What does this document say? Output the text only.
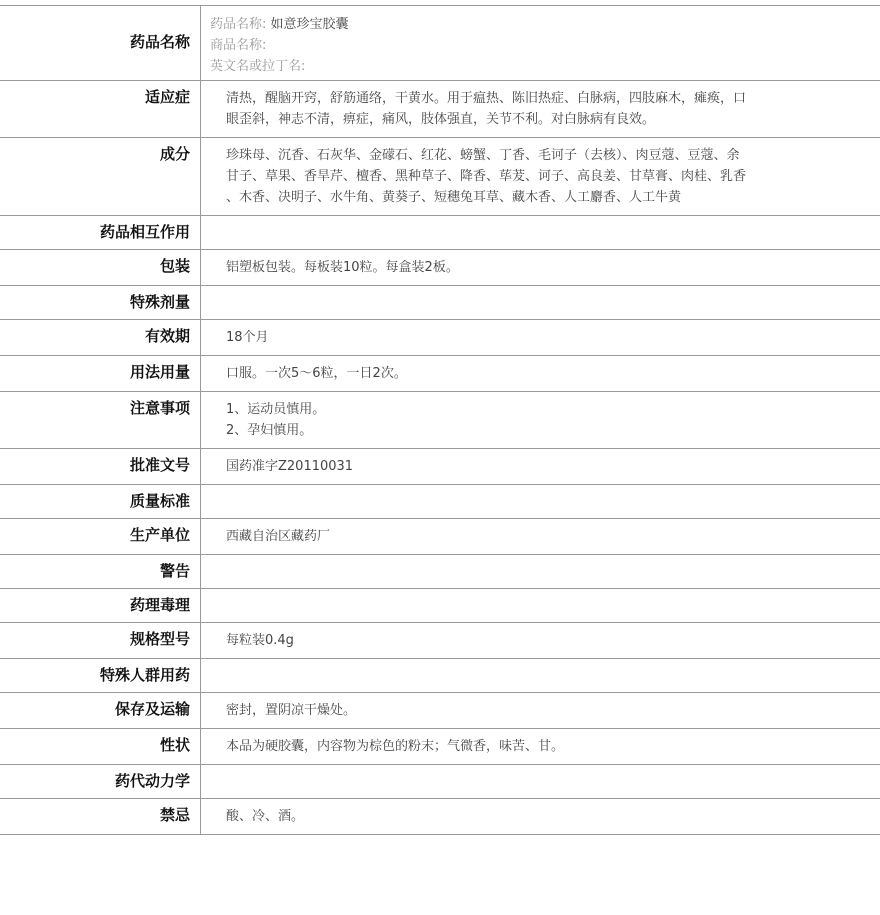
药品名称	药品名称: 如意珍宝胶囊
商品名称:
英文名或拉丁名:

适应症	清热，醒脑开窍，舒筋通络，干黄水。用于瘟热、陈旧热症、白脉病，四肢麻木，瘫痪，口
眼歪斜，神志不清，痹症，痛风，肢体强直，关节不利。对白脉病有良效。

成分	珍珠母、沉香、石灰华、金礞石、红花、螃蟹、丁香、毛诃子（去核）、肉豆蔻、豆蔻、余
甘子、草果、香旱芹、檀香、黑种草子、降香、荜茇、诃子、高良姜、甘草膏、肉桂、乳香
、木香、决明子、水牛角、黄葵子、短穗兔耳草、藏木香、人工麝香、人工牛黄

药品相互作用	
包装	铝塑板包装。每板装10粒。每盒装2板。

特殊剂量	
有效期	18个月

用法用量	口服。一次5～6粒，一日2次。

注意事项	1、运动员慎用。
2、孕妇慎用。

批准文号	国药准字Z20110031

质量标准	
生产单位	西藏自治区藏药厂

警告	
药理毒理	
规格型号	每粒装0.4g

特殊人群用药	
保存及运输	密封，置阴凉干燥处。

性状	本品为硬胶囊，内容物为棕色的粉末；气微香，味苦、甘。

药代动力学	
禁忌	酸、冷、酒。
